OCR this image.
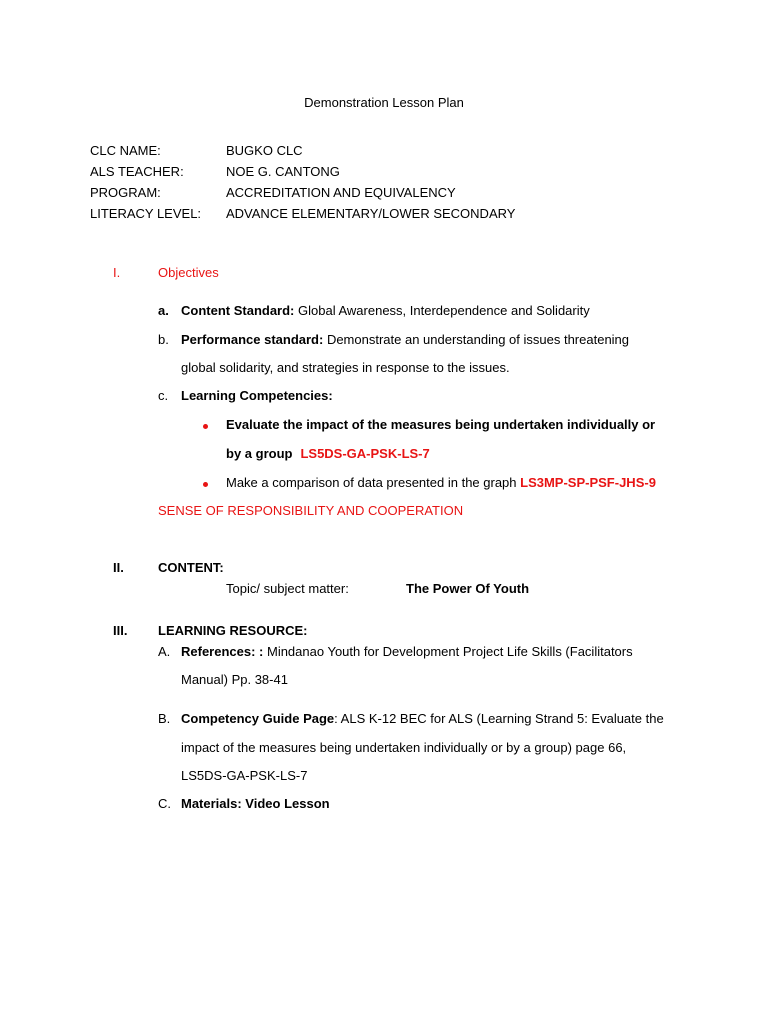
Demonstration Lesson Plan
CLC NAME:	BUGKO CLC
ALS TEACHER:	NOE G. CANTONG
PROGRAM:	ACCREDITATION AND EQUIVALENCY
LITERACY LEVEL: ADVANCE ELEMENTARY/LOWER SECONDARY
I.	Objectives
a. Content Standard: Global Awareness, Interdependence and Solidarity
b. Performance standard: Demonstrate an understanding of issues threatening
global solidarity, and strategies in response to the issues.
c. Learning Competencies:
Evaluate the impact of the measures being undertaken individually or
by a group LS5DS-GA-PSK-LS-7
Make a comparison of data presented in the graph LS3MP-SP-PSF-JHS-9
SENSE OF RESPONSIBILITY AND COOPERATION
II.	CONTENT:
Topic/ subject matter:	The Power Of Youth
III. LEARNING RESOURCE:
A. References: : Mindanao Youth for Development Project Life Skills (Facilitators
Manual) Pp. 38-41
B. Competency Guide Page: ALS K-12 BEC for ALS (Learning Strand 5: Evaluate the
impact of the measures being undertaken individually or by a group) page 66,
LS5DS-GA-PSK-LS-7
C. Materials: Video Lesson
